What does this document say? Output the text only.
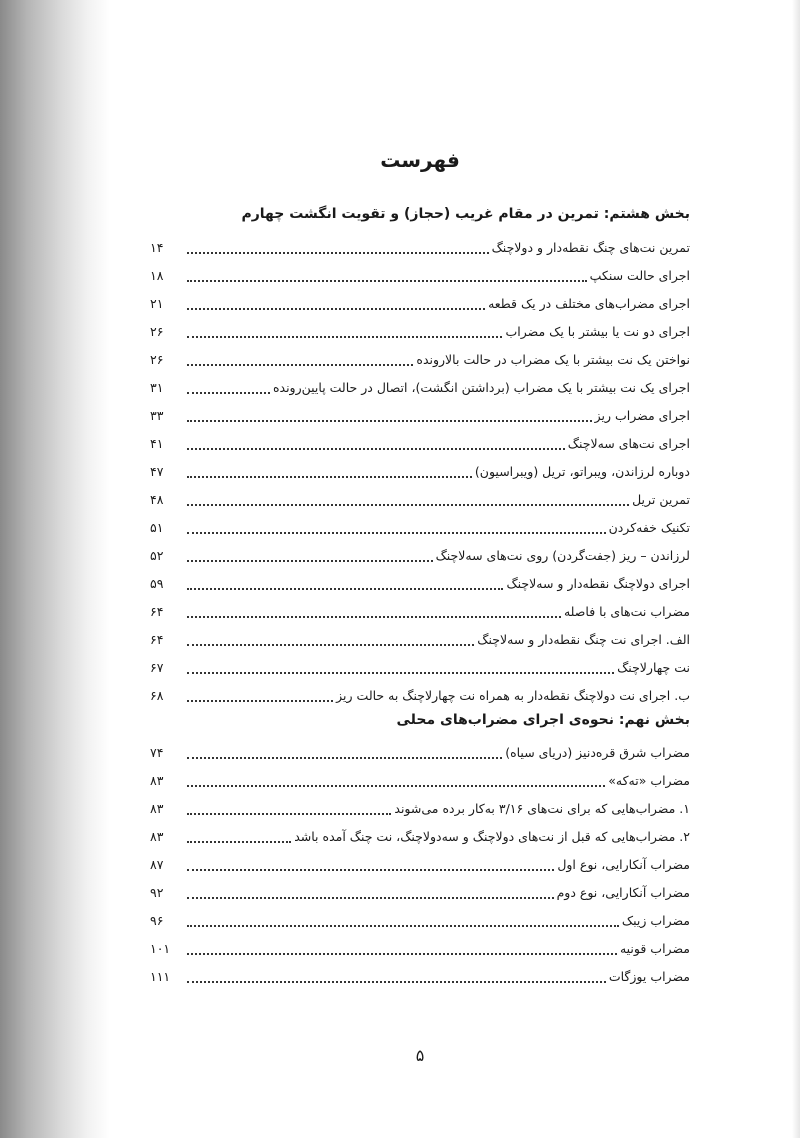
فهرست
بخش هشتم: تمرین در مقام غریب (حجاز) و تقویت انگشت چهارم
تمرین نت‌های چنگ نقطه‌دار و دولاچنگ
۱۴
اجرای حالت سنکپ
۱۸
اجرای مضراب‌های مختلف در یک قطعه
۲۱
اجرای دو نت یا بیشتر با یک مضراب
۲۶
نواختن یک نت بیشتر با یک مضراب در حالت بالارونده
۲۶
اجرای یک نت بیشتر با یک مضراب (برداشتن انگشت)، اتصال در حالت پایین‌رونده
۳۱
اجرای مضراب ریز
۳۳
اجرای نت‌های سه‌لاچنگ
۴۱
دوباره لرزاندن، ویبراتو، تریل (ویبراسیون)
۴۷
تمرین تریل
۴۸
تکنیک خفه‌کردن
۵۱
لرزاندن – ریز (جفت‌گردن) روی نت‌های سه‌لاچنگ
۵۲
اجرای دولاچنگ نقطه‌دار و سه‌لاچنگ
۵۹
مضراب نت‌های با فاصله
۶۴
الف. اجرای نت چنگ نقطه‌دار و سه‌لاچنگ
۶۴
نت چهارلاچنگ
۶۷
ب. اجرای نت دولاچنگ نقطه‌دار به همراه نت چهارلاچنگ به حالت ریز
۶۸
بخش نهم: نحوه‌ی اجرای مضراب‌های محلی
مضراب شرق قره‌دنیز (دریای سیاه)
۷۴
مضراب «ته‌که»
۸۳
۱. مضراب‌هایی که برای نت‌های ۳/۱۶ به‌کار برده می‌شوند
۸۳
۲. مضراب‌هایی که قبل از نت‌های دولاچنگ و سه‌دولاچنگ، نت چنگ آمده باشد
۸۳
مضراب آنکارایی، نوع اول
۸۷
مضراب آنکارایی، نوع دوم
۹۲
مضراب زیبک
۹۶
مضراب قونیه
۱۰۱
مضراب یوزگات
۱۱۱
۵
